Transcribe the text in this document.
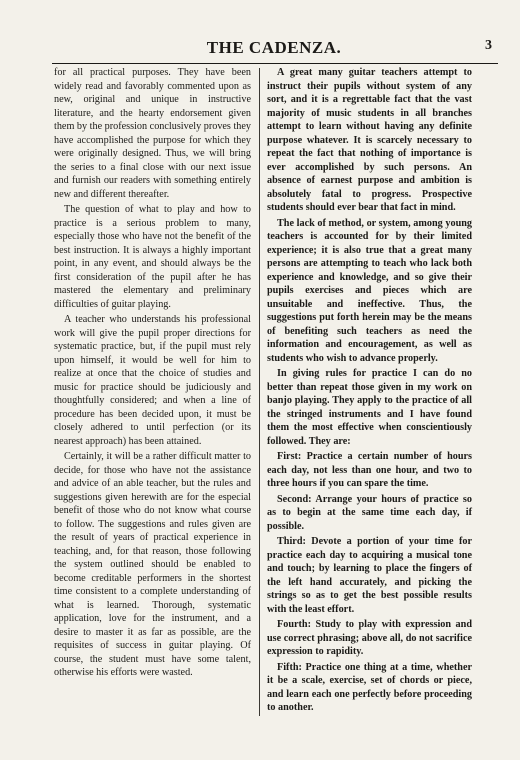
THE CADENZA.	3

for all practical purposes. They have been widely read and favorably commented upon as new, original and unique in instructive literature, and the hearty endorsement given them by the profession conclusively proves they have accomplished the purpose for which they were originally designed. Thus, we will bring the series to a final close with our next issue and furnish our readers with something entirely new and different thereafter.

The question of what to play and how to practice is a serious problem to many, especially those who have not the benefit of the best instruction. It is always a highly important point, in any event, and should always be the first consideration of the pupil after he has mastered the elementary and preliminary difficulties of guitar playing.

A teacher who understands his professional work will give the pupil proper directions for systematic practice, but, if the pupil must rely upon himself, it would be well for him to realize at once that the choice of studies and music for practice should be judiciously and thoughtfully considered; and when a line of procedure has been decided upon, it must be closely adhered to until perfection (or its nearest approach) has been attained.

Certainly, it will be a rather difficult matter to decide, for those who have not the assistance and advice of an able teacher, but the rules and suggestions given herewith are for the especial benefit of those who do not know what course to follow. The suggestions and rules given are the result of years of practical experience in teaching, and, for that reason, those following the system outlined should be enabled to become creditable performers in the shortest time consistent to a complete understanding of what is learned. Thorough, systematic application, love for the instrument, and a desire to master it as far as possible, are the requisites of success in guitar playing. Of course, the student must have some talent, otherwise his efforts were wasted.

A great many guitar teachers attempt to instruct their pupils without system of any sort, and it is a regrettable fact that the vast majority of music students in all branches attempt to learn without having any definite purpose whatever. It is scarcely necessary to repeat the fact that nothing of importance is ever accomplished by such persons. An absence of earnest purpose and ambition is absolutely fatal to progress. Prospective students should ever bear that fact in mind.

The lack of method, or system, among young teachers is accounted for by their limited experience; it is also true that a great many persons are attempting to teach who lack both experience and knowledge, and so give their pupils exercises and pieces which are unsuitable and ineffective. Thus, the suggestions put forth herein may be the means of benefiting such teachers as need the information and encouragement, as well as students who wish to advance properly.

In giving rules for practice I can do no better than repeat those given in my work on banjo playing. They apply to the practice of all the stringed instruments and I have found them the most effective when conscientiously followed. They are:

First: Practice a certain number of hours each day, not less than one hour, and two to three hours if you can spare the time.

Second: Arrange your hours of practice so as to begin at the same time each day, if possible.

Third: Devote a portion of your time for practice each day to acquiring a musical tone and touch; by learning to place the fingers of the left hand accurately, and picking the strings so as to get the best possible results with the least effort.

Fourth: Study to play with expression and use correct phrasing; above all, do not sacrifice expression to rapidity.

Fifth: Practice one thing at a time, whether it be a scale, exercise, set of chords or piece, and learn each one perfectly before proceeding to another.
